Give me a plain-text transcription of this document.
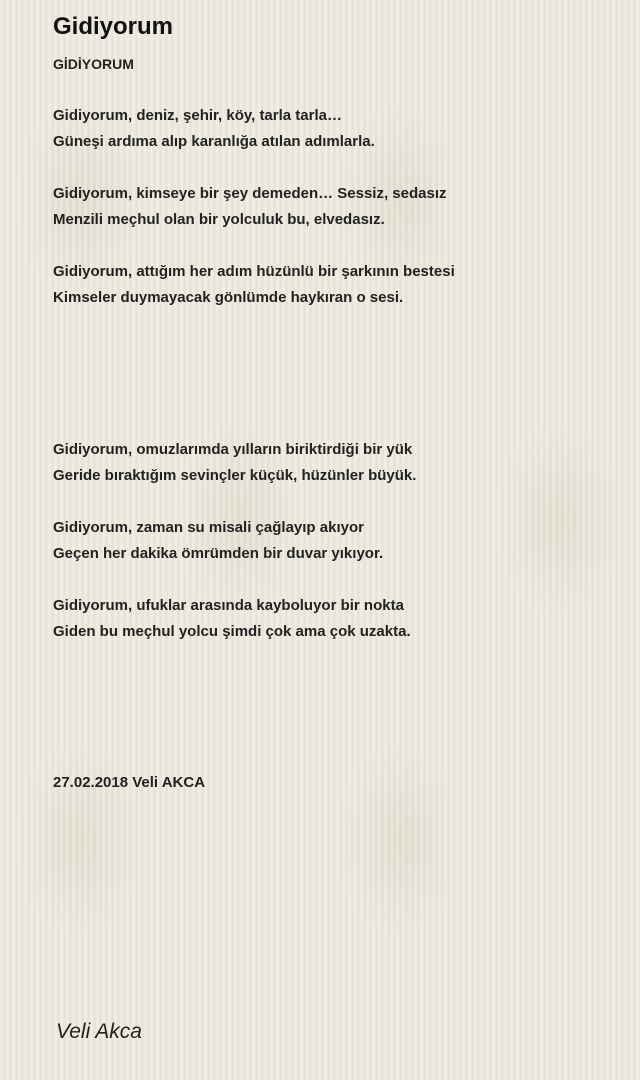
Gidiyorum
GİDİYORUM
Gidiyorum, deniz, şehir, köy, tarla tarla…
Güneşi ardıma alıp karanlığa atılan adımlarla.
Gidiyorum, kimseye bir şey demeden… Sessiz, sedasız
Menzili meçhul olan bir yolculuk bu, elvedasız.
Gidiyorum, attığım her adım hüzünlü bir şarkının bestesi
Kimseler duymayacak gönlümde haykıran o sesi.
Gidiyorum, omuzlarımda yılların biriktirdiği bir yük
Geride bıraktığım sevinçler küçük, hüzünler büyük.
Gidiyorum, zaman su misali çağlayıp akıyor
Geçen her dakika ömrümden bir duvar yıkıyor.
Gidiyorum, ufuklar arasında kayboluyor bir nokta
Giden bu meçhul yolcu şimdi çok ama çok uzakta.
27.02.2018 Veli AKCA
Veli Akca
